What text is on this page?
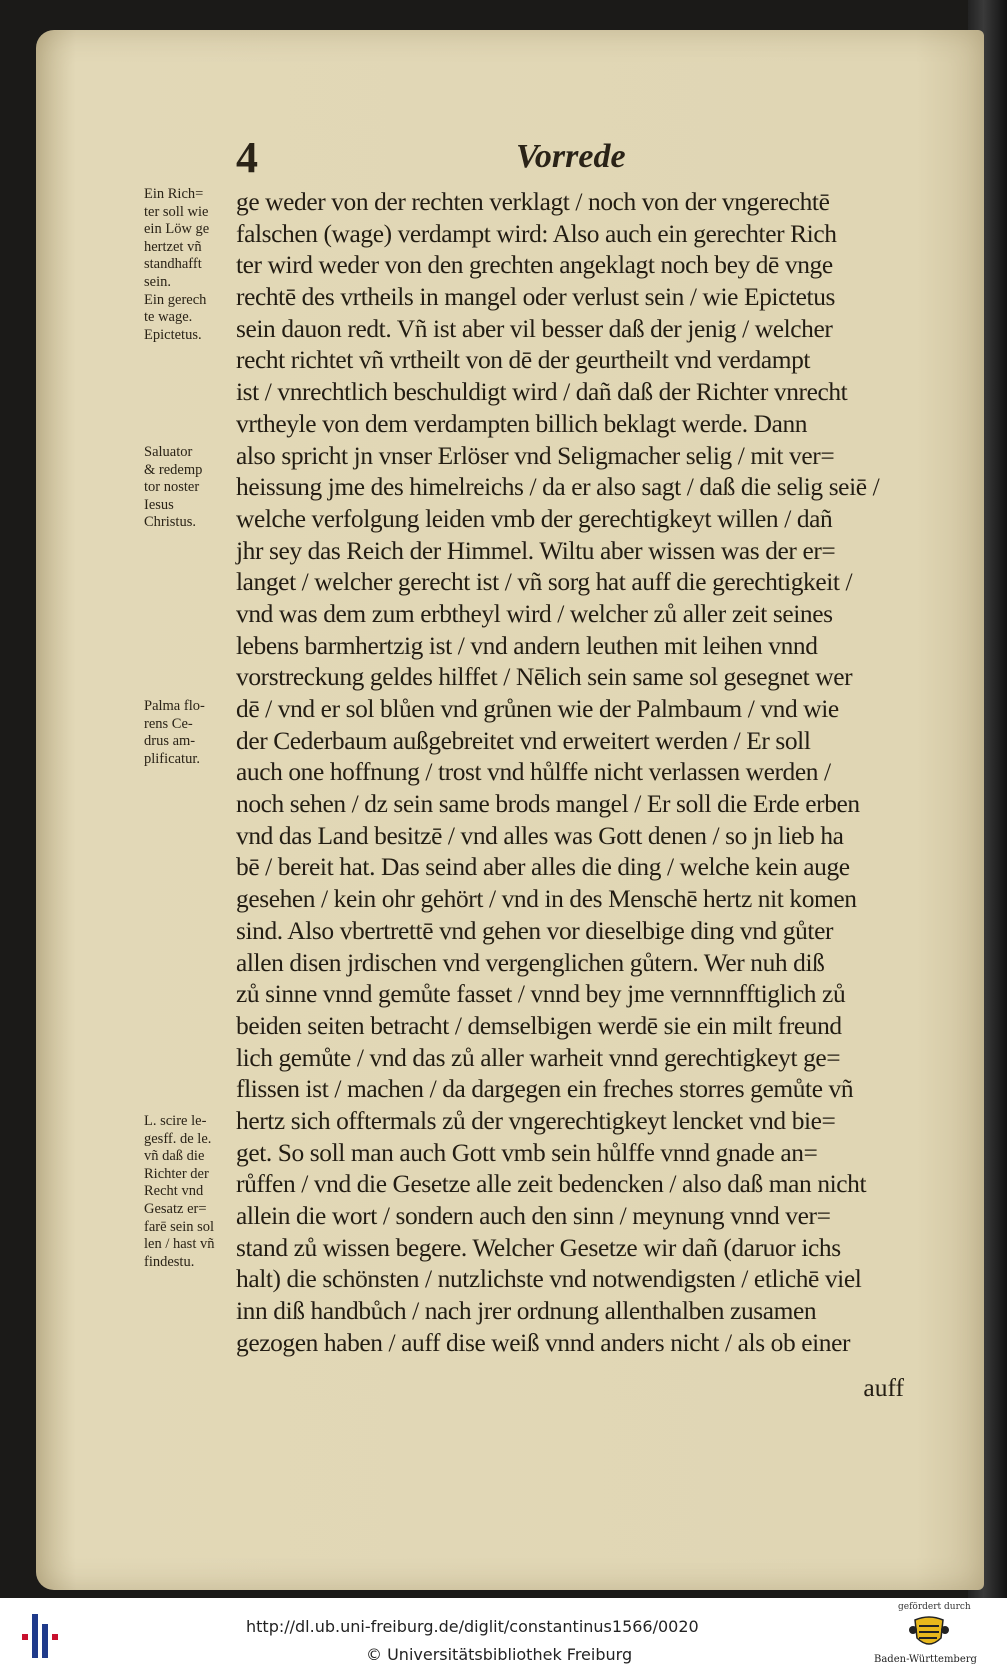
4	Vorrede
ge weder von der rechten verklagt / noch von der vngerechtē
falschen (wage) verdampt wird: Also auch ein gerechter Rich
ter wird weder von den grechten angeklagt noch bey dē vnge
rechtē des vrtheils in mangel oder verlust sein / wie Epictetus
sein dauon redt. Vñ ist aber vil besser daß der jenig / welcher
recht richtet vñ vrtheilt von dē der geurtheilt vnd verdampt
ist / vnrechtlich beschuldigt wird / dañ daß der Richter vnrecht
vrtheyle von dem verdampten billich beklagt werde. Dann
also spricht jn vnser Erlöser vnd Seligmacher selig / mit ver=
heissung jme des himelreichs / da er also sagt / daß die selig seiē /
welche verfolgung leiden vmb der gerechtigkeyt willen / dañ
jhr sey das Reich der Himmel. Wiltu aber wissen was der er=
langet / welcher gerecht ist / vñ sorg hat auff die gerechtigkeit /
vnd was dem zum erbtheyl wird / welcher zů aller zeit seines
lebens barmhertzig ist / vnd andern leuthen mit leihen vnnd
vorstreckung geldes hilffet / Nēlich sein same sol gesegnet wer
dē / vnd er sol blůen vnd grůnen wie der Palmbaum / vnd wie
der Cederbaum außgebreitet vnd erweitert werden / Er soll
auch one hoffnung / trost vnd hůlffe nicht verlassen werden /
noch sehen / dz sein same brods mangel / Er soll die Erde erben
vnd das Land besitzē / vnd alles was Gott denen / so jn lieb ha
bē / bereit hat. Das seind aber alles die ding / welche kein auge
gesehen / kein ohr gehört / vnd in des Menschē hertz nit komen
sind. Also vbertrettē vnd gehen vor dieselbige ding vnd gůter
allen disen jrdischen vnd vergenglichen gůtern. Wer nuh diß
zů sinne vnnd gemůte fasset / vnnd bey jme vernnnfftiglich zů
beiden seiten betracht / demselbigen werdē sie ein milt freund
lich gemůte / vnd das zů aller warheit vnnd gerechtigkeyt ge=
flissen ist / machen / da dargegen ein freches storres gemůte vñ
hertz sich offtermals zů der vngerechtigkeyt lencket vnd bie=
get. So soll man auch Gott vmb sein hůlffe vnnd gnade an=
růffen / vnd die Gesetze alle zeit bedencken / also daß man nicht
allein die wort / sondern auch den sinn / meynung vnnd ver=
stand zů wissen begere. Welcher Gesetze wir dañ (daruor ichs
halt) die schönsten / nutzlichste vnd notwendigsten / etlichē viel
inn diß handbůch / nach jrer ordnung allenthalben zusamen
gezogen haben / auff dise weiß vnnd anders nicht / als ob einer
auff
Ein Rich=
ter soll wie
ein Löw ge
hertzet vñ
standhafft
sein.
Ein gerech
te wage.
Epictetus.
Saluator
& redemp
tor noster
Iesus
Christus.
Palma flo-
rens Ce-
drus am-
plificatur.
L. scire le-
gesff. de le.
vñ daß die
Richter der
Recht vnd
Gesatz er=
farē sein sol
len / hast vñ
findestu.
http://dl.ub.uni-freiburg.de/diglit/constantinus1566/0020
© Universitätsbibliothek Freiburg
gefördert durch
Baden-Württemberg
